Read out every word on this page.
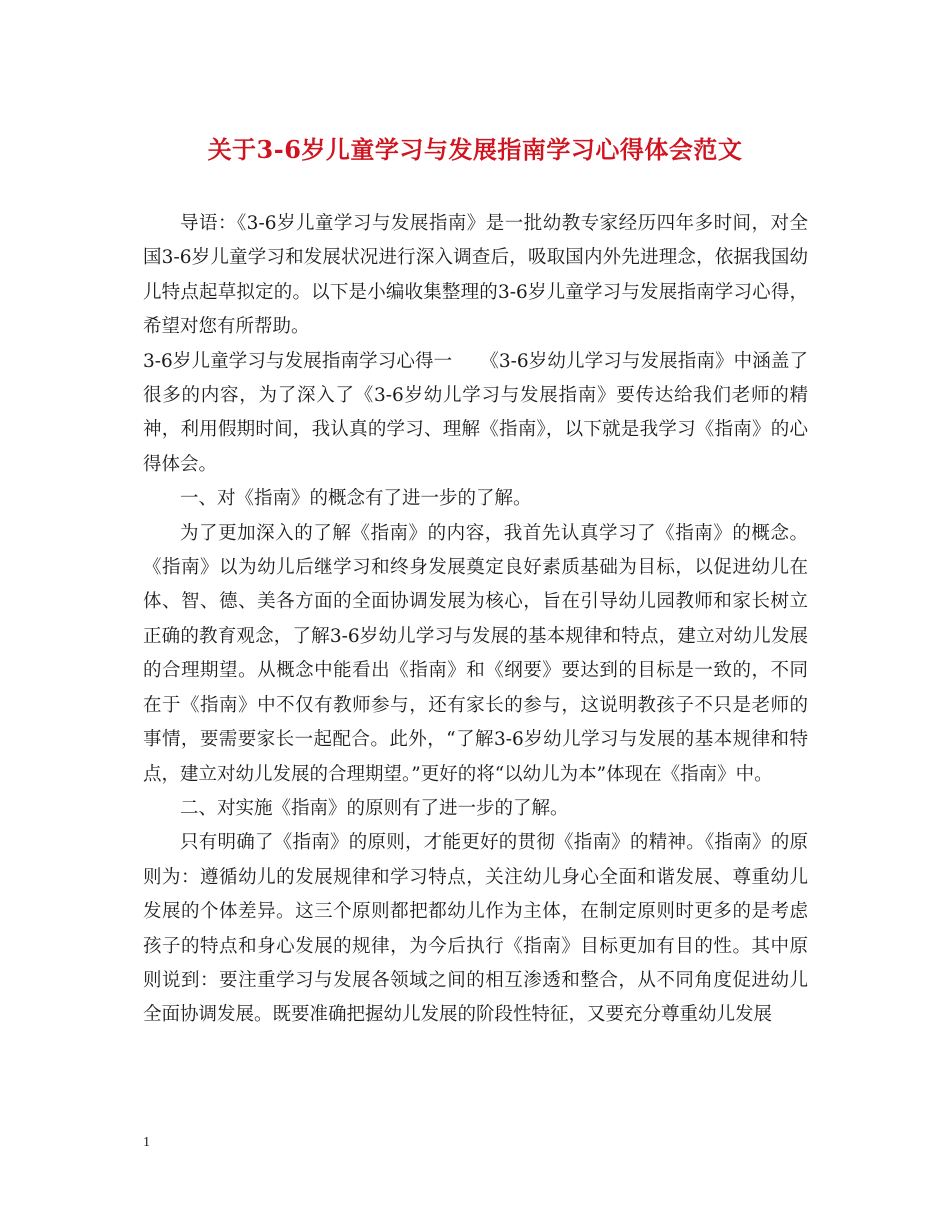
关于3-6岁儿童学习与发展指南学习心得体会范文

导语：《3-6岁儿童学习与发展指南》是一批幼教专家经历四年多时间，对全国3-6岁儿童学习和发展状况进行深入调查后，吸取国内外先进理念，依据我国幼儿特点起草拟定的。以下是小编收集整理的3-6岁儿童学习与发展指南学习心得，希望对您有所帮助。

3-6岁儿童学习与发展指南学习心得一　　《3-6岁幼儿学习与发展指南》中涵盖了很多的内容，为了深入了《3-6岁幼儿学习与发展指南》要传达给我们老师的精神，利用假期时间，我认真的学习、理解《指南》，以下就是我学习《指南》的心得体会。

一、对《指南》的概念有了进一步的了解。

为了更加深入的了解《指南》的内容，我首先认真学习了《指南》的概念。《指南》以为幼儿后继学习和终身发展奠定良好素质基础为目标，以促进幼儿在体、智、德、美各方面的全面协调发展为核心，旨在引导幼儿园教师和家长树立正确的教育观念，了解3-6岁幼儿学习与发展的基本规律和特点，建立对幼儿发展的合理期望。从概念中能看出《指南》和《纲要》要达到的目标是一致的，不同在于《指南》中不仅有教师参与，还有家长的参与，这说明教孩子不只是老师的事情，要需要家长一起配合。此外，“了解3-6岁幼儿学习与发展的基本规律和特点，建立对幼儿发展的合理期望。”更好的将“以幼儿为本”体现在《指南》中。

二、对实施《指南》的原则有了进一步的了解。

只有明确了《指南》的原则，才能更好的贯彻《指南》的精神。《指南》的原则为：遵循幼儿的发展规律和学习特点，关注幼儿身心全面和谐发展、尊重幼儿发展的个体差异。这三个原则都把都幼儿作为主体，在制定原则时更多的是考虑孩子的特点和身心发展的规律，为今后执行《指南》目标更加有目的性。其中原则说到：要注重学习与发展各领域之间的相互渗透和整合，从不同角度促进幼儿全面协调发展。既要准确把握幼儿发展的阶段性特征，又要充分尊重幼儿发展

1
